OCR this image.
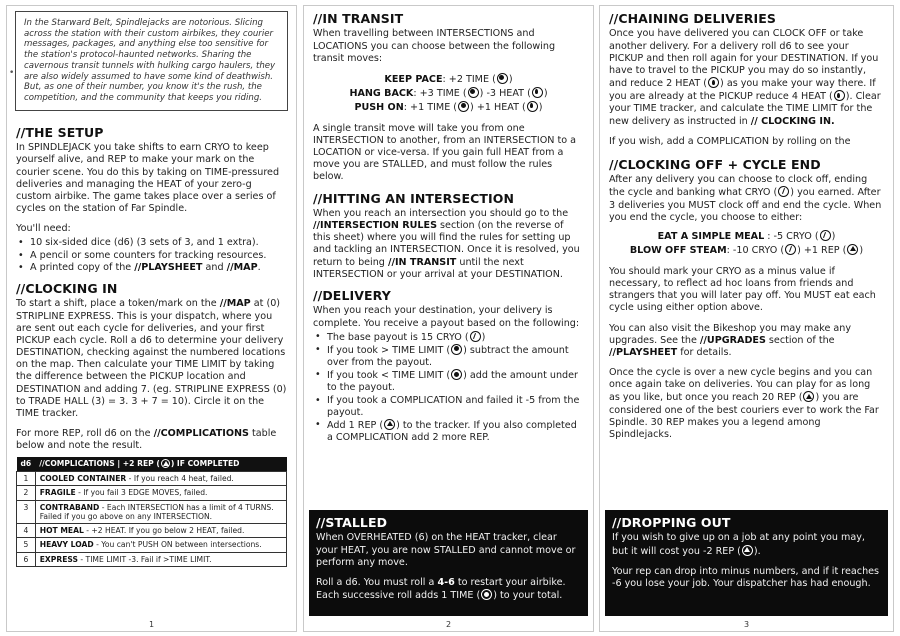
•
In the Starward Belt, Spindlejacks are notorious. Slicing across the station with their custom airbikes, they courier messages, packages, and anything else too sensitive for the station's protocol-haunted networks. Sharing the cavernous transit tunnels with hulking cargo haulers, they are also widely assumed to have some kind of deathwish. But, as one of their number, you know it's the rush, the competition, and the community that keeps you riding.
//THE SETUP

In SPINDLEJACK you take shifts to earn CRYO to keep yourself alive, and REP to make your mark on the courier scene. You do this by taking on TIME-pressured deliveries and managing the HEAT of your zero-g custom airbike. The game takes place over a series of cycles on the station of Far Spindle.

You'll need:

• 10 six-sided dice (d6) (3 sets of 3, and 1 extra).
• A pencil or some counters for tracking resources.
• A printed copy of the //PLAYSHEET and //MAP.
//CLOCKING IN

To start a shift, place a token/mark on the //MAP at (0) STRIPLINE EXPRESS. This is your dispatch, where you are sent out each cycle for deliveries, and your first PICKUP each cycle. Roll a d6 to determine your delivery DESTINATION, checking against the numbered locations on the map. Then calculate your TIME LIMIT by taking the difference between the PICKUP location and DESTINATION and adding 7. (eg. STRIPLINE EXPRESS (0) to TRADE HALL (3) = 3. 3 + 7 = 10). Circle it on the TIME tracker.

For more REP, roll d6 on the //COMPLICATIONS table below and note the result.

d6	//COMPLICATIONS | +2 REP ( ) IF COMPLETED
1	COOLED CONTAINER - If you reach 4 heat, failed.
2	FRAGILE - If you fail 3 EDGE MOVES, failed.
3	CONTRABAND - Each INTERSECTION has a limit of 4 TURNS. Failed if you go above on any INTERSECTION.
4	HOT MEAL - +2 HEAT. If you go below 2 HEAT, failed.
5	HEAVY LOAD - You can't PUSH ON between intersections.
6	EXPRESS - TIME LIMIT -3. Fail if >TIME LIMIT.
1
//IN TRANSIT

When travelling between INTERSECTIONS and LOCATIONS you can choose between the following transit moves:

KEEP PACE: +2 TIME ( )
HANG BACK: +3 TIME ( ) -3 HEAT ( )
PUSH ON: +1 TIME ( ) +1 HEAT ( )

A single transit move will take you from one INTERSECTION to another, from an INTERSECTION to a LOCATION or vice-versa. If you gain full HEAT from a move you are STALLED, and must follow the rules below.

//HITTING AN INTERSECTION

When you reach an intersection you should go to the //INTERSECTION RULES section (on the reverse of this sheet) where you will find the rules for setting up and tackling an INTERSECTION. Once it is resolved, you return to being //IN TRANSIT until the next INTERSECTION or your arrival at your DESTINATION.

//DELIVERY

When you reach your destination, your delivery is complete. You receive a payout based on the following:

• The base payout is 15 CRYO ( )
• If you took > TIME LIMIT ( ) subtract the amount over from the payout.
• If you took < TIME LIMIT ( ) add the amount under to the payout.
• If you took a COMPLICATION and failed it -5 from the payout.
• Add 1 REP ( ) to the tracker. If you also completed a COMPLICATION add 2 more REP.
//STALLED

When OVERHEATED (6) on the HEAT tracker, clear your HEAT, you are now STALLED and cannot move or perform any move.

Roll a d6. You must roll a 4-6 to restart your airbike. Each successive roll adds 1 TIME ( ) to your total.

2
//CHAINING DELIVERIES

Once you have delivered you can CLOCK OFF or take another delivery. For a delivery roll d6 to see your PICKUP and then roll again for your DESTINATION. If you have to travel to the PICKUP you may do so instantly, and reduce 2 HEAT ( ) as you make your way there. If you are already at the PICKUP reduce 4 HEAT ( ). Clear your TIME tracker, and calculate the TIME LIMIT for the new delivery as instructed in // CLOCKING IN.

If you wish, add a COMPLICATION by rolling on the

//CLOCKING OFF + CYCLE END

After any delivery you can choose to clock off, ending the cycle and banking what CRYO ( ) you earned. After 3 deliveries you MUST clock off and end the cycle. When you end the cycle, you choose to either:

EAT A SIMPLE MEAL : -5 CRYO ( )
BLOW OFF STEAM: -10 CRYO ( ) +1 REP ( )

You should mark your CRYO as a minus value if necessary, to reflect ad hoc loans from friends and strangers that you will later pay off. You MUST eat each cycle using either option above.

You can also visit the Bikeshop you may make any upgrades. See the //UPGRADES section of the //PLAYSHEET for details.

Once the cycle is over a new cycle begins and you can once again take on deliveries. You can play for as long as you like, but once you reach 20 REP ( ) you are considered one of the best couriers ever to work the Far Spindle. 30 REP makes you a legend among Spindlejacks.

//DROPPING OUT

If you wish to give up on a job at any point you may, but it will cost you -2 REP ( ).

Your rep can drop into minus numbers, and if it reaches -6 you lose your job. Your dispatcher has had enough.

3
